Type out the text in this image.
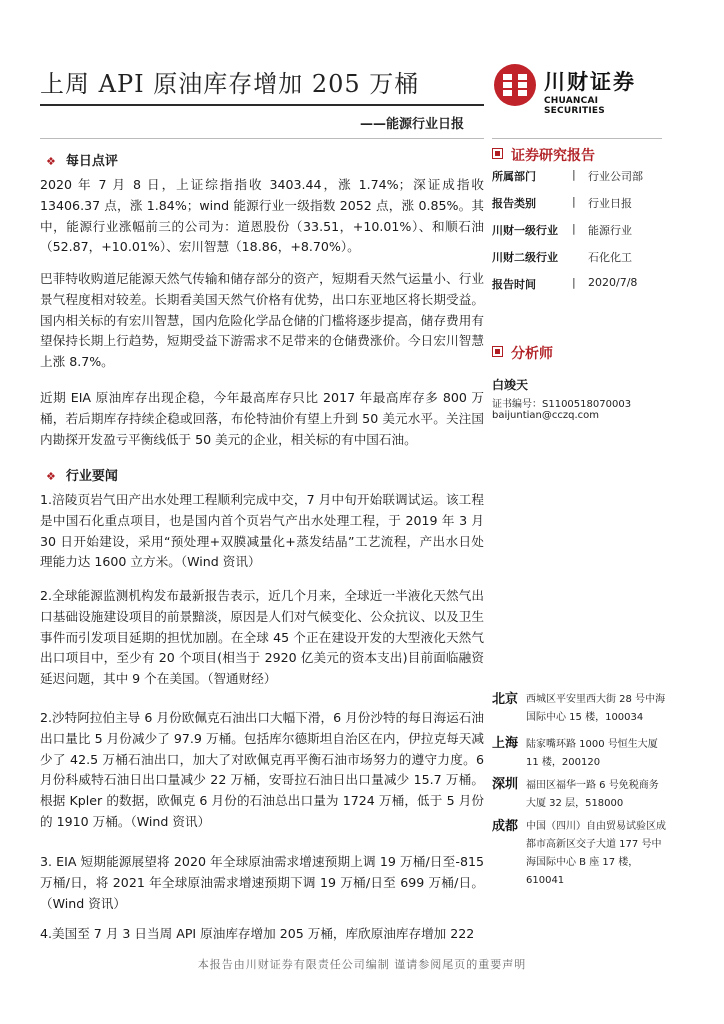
上周 API 原油库存增加 205 万桶
——能源行业日报
川财证券
CHUANCAI SECURITIES
❖ 每日点评

2020 年 7 月 8 日，上证综指指收 3403.44，涨 1.74%；深证成指收 13406.37 点，涨 1.84%；wind 能源行业一级指数 2052 点，涨 0.85%。其中，能源行业涨幅前三的公司为：道恩股份（33.51，+10.01%）、和顺石油（52.87，+10.01%）、宏川智慧（18.86，+8.70%）。

巴菲特收购道尼能源天然气传输和储存部分的资产，短期看天然气运量小、行业景气程度相对较差。长期看美国天然气价格有优势，出口东亚地区将长期受益。国内相关标的有宏川智慧，国内危险化学品仓储的门槛将逐步提高，储存费用有望保持长期上行趋势，短期受益下游需求不足带来的仓储费涨价。今日宏川智慧上涨 8.7%。

近期 EIA 原油库存出现企稳，今年最高库存只比 2017 年最高库存多 800 万桶，若后期库存持续企稳或回落，布伦特油价有望上升到 50 美元水平。关注国内勘探开发盈亏平衡线低于 50 美元的企业，相关标的有中国石油。

❖ 行业要闻

1.涪陵页岩气田产出水处理工程顺利完成中交，7 月中旬开始联调试运。该工程是中国石化重点项目，也是国内首个页岩气产出水处理工程，于 2019 年 3 月 30 日开始建设，采用“预处理+双膜减量化+蒸发结晶”工艺流程，产出水日处理能力达 1600 立方米。（Wind 资讯）

2.全球能源监测机构发布最新报告表示，近几个月来，全球近一半液化天然气出口基础设施建设项目的前景黯淡，原因是人们对气候变化、公众抗议、以及卫生事件而引发项目延期的担忧加剧。在全球 45 个正在建设开发的大型液化天然气出口项目中，至少有 20 个项目(相当于 2920 亿美元的资本支出)目前面临融资延迟问题，其中 9 个在美国。（智通财经）

2.沙特阿拉伯主导 6 月份欧佩克石油出口大幅下滑，6 月份沙特的每日海运石油出口量比 5 月份减少了 97.9 万桶。包括库尔德斯坦自治区在内，伊拉克每天减少了 42.5 万桶石油出口，加大了对欧佩克再平衡石油市场努力的遵守力度。6 月份科威特石油日出口量减少 22 万桶，安哥拉石油日出口量减少 15.7 万桶。根据 Kpler 的数据，欧佩克 6 月份的石油总出口量为 1724 万桶，低于 5 月份的 1910 万桶。（Wind 资讯）

3. EIA 短期能源展望将 2020 年全球原油需求增速预期上调 19 万桶/日至-815 万桶/日，将 2021 年全球原油需求增速预期下调 19 万桶/日至 699 万桶/日。（Wind 资讯）

4.美国至 7 月 3 日当周 API 原油库存增加 205 万桶，库欣原油库存增加 222

证券研究报告
所属部门	| 行业公司部
报告类别	| 行业日报
川财一级行业 | 能源行业
川财二级行业	石化化工
报告时间	| 2020/7/8
分析师
白竣天
证书编号：S1100518070003
baijuntian@cczq.com
北京 西城区平安里西大街 28 号中海国际中心 15 楼，100034
上海 陆家嘴环路 1000 号恒生大厦 11 楼，200120
深圳 福田区福华一路 6 号免税商务大厦 32 层，518000
成都 中国（四川）自由贸易试验区成都市高新区交子大道 177 号中海国际中心 B 座 17 楼，610041
本报告由川财证券有限责任公司编制 谨请参阅尾页的重要声明
